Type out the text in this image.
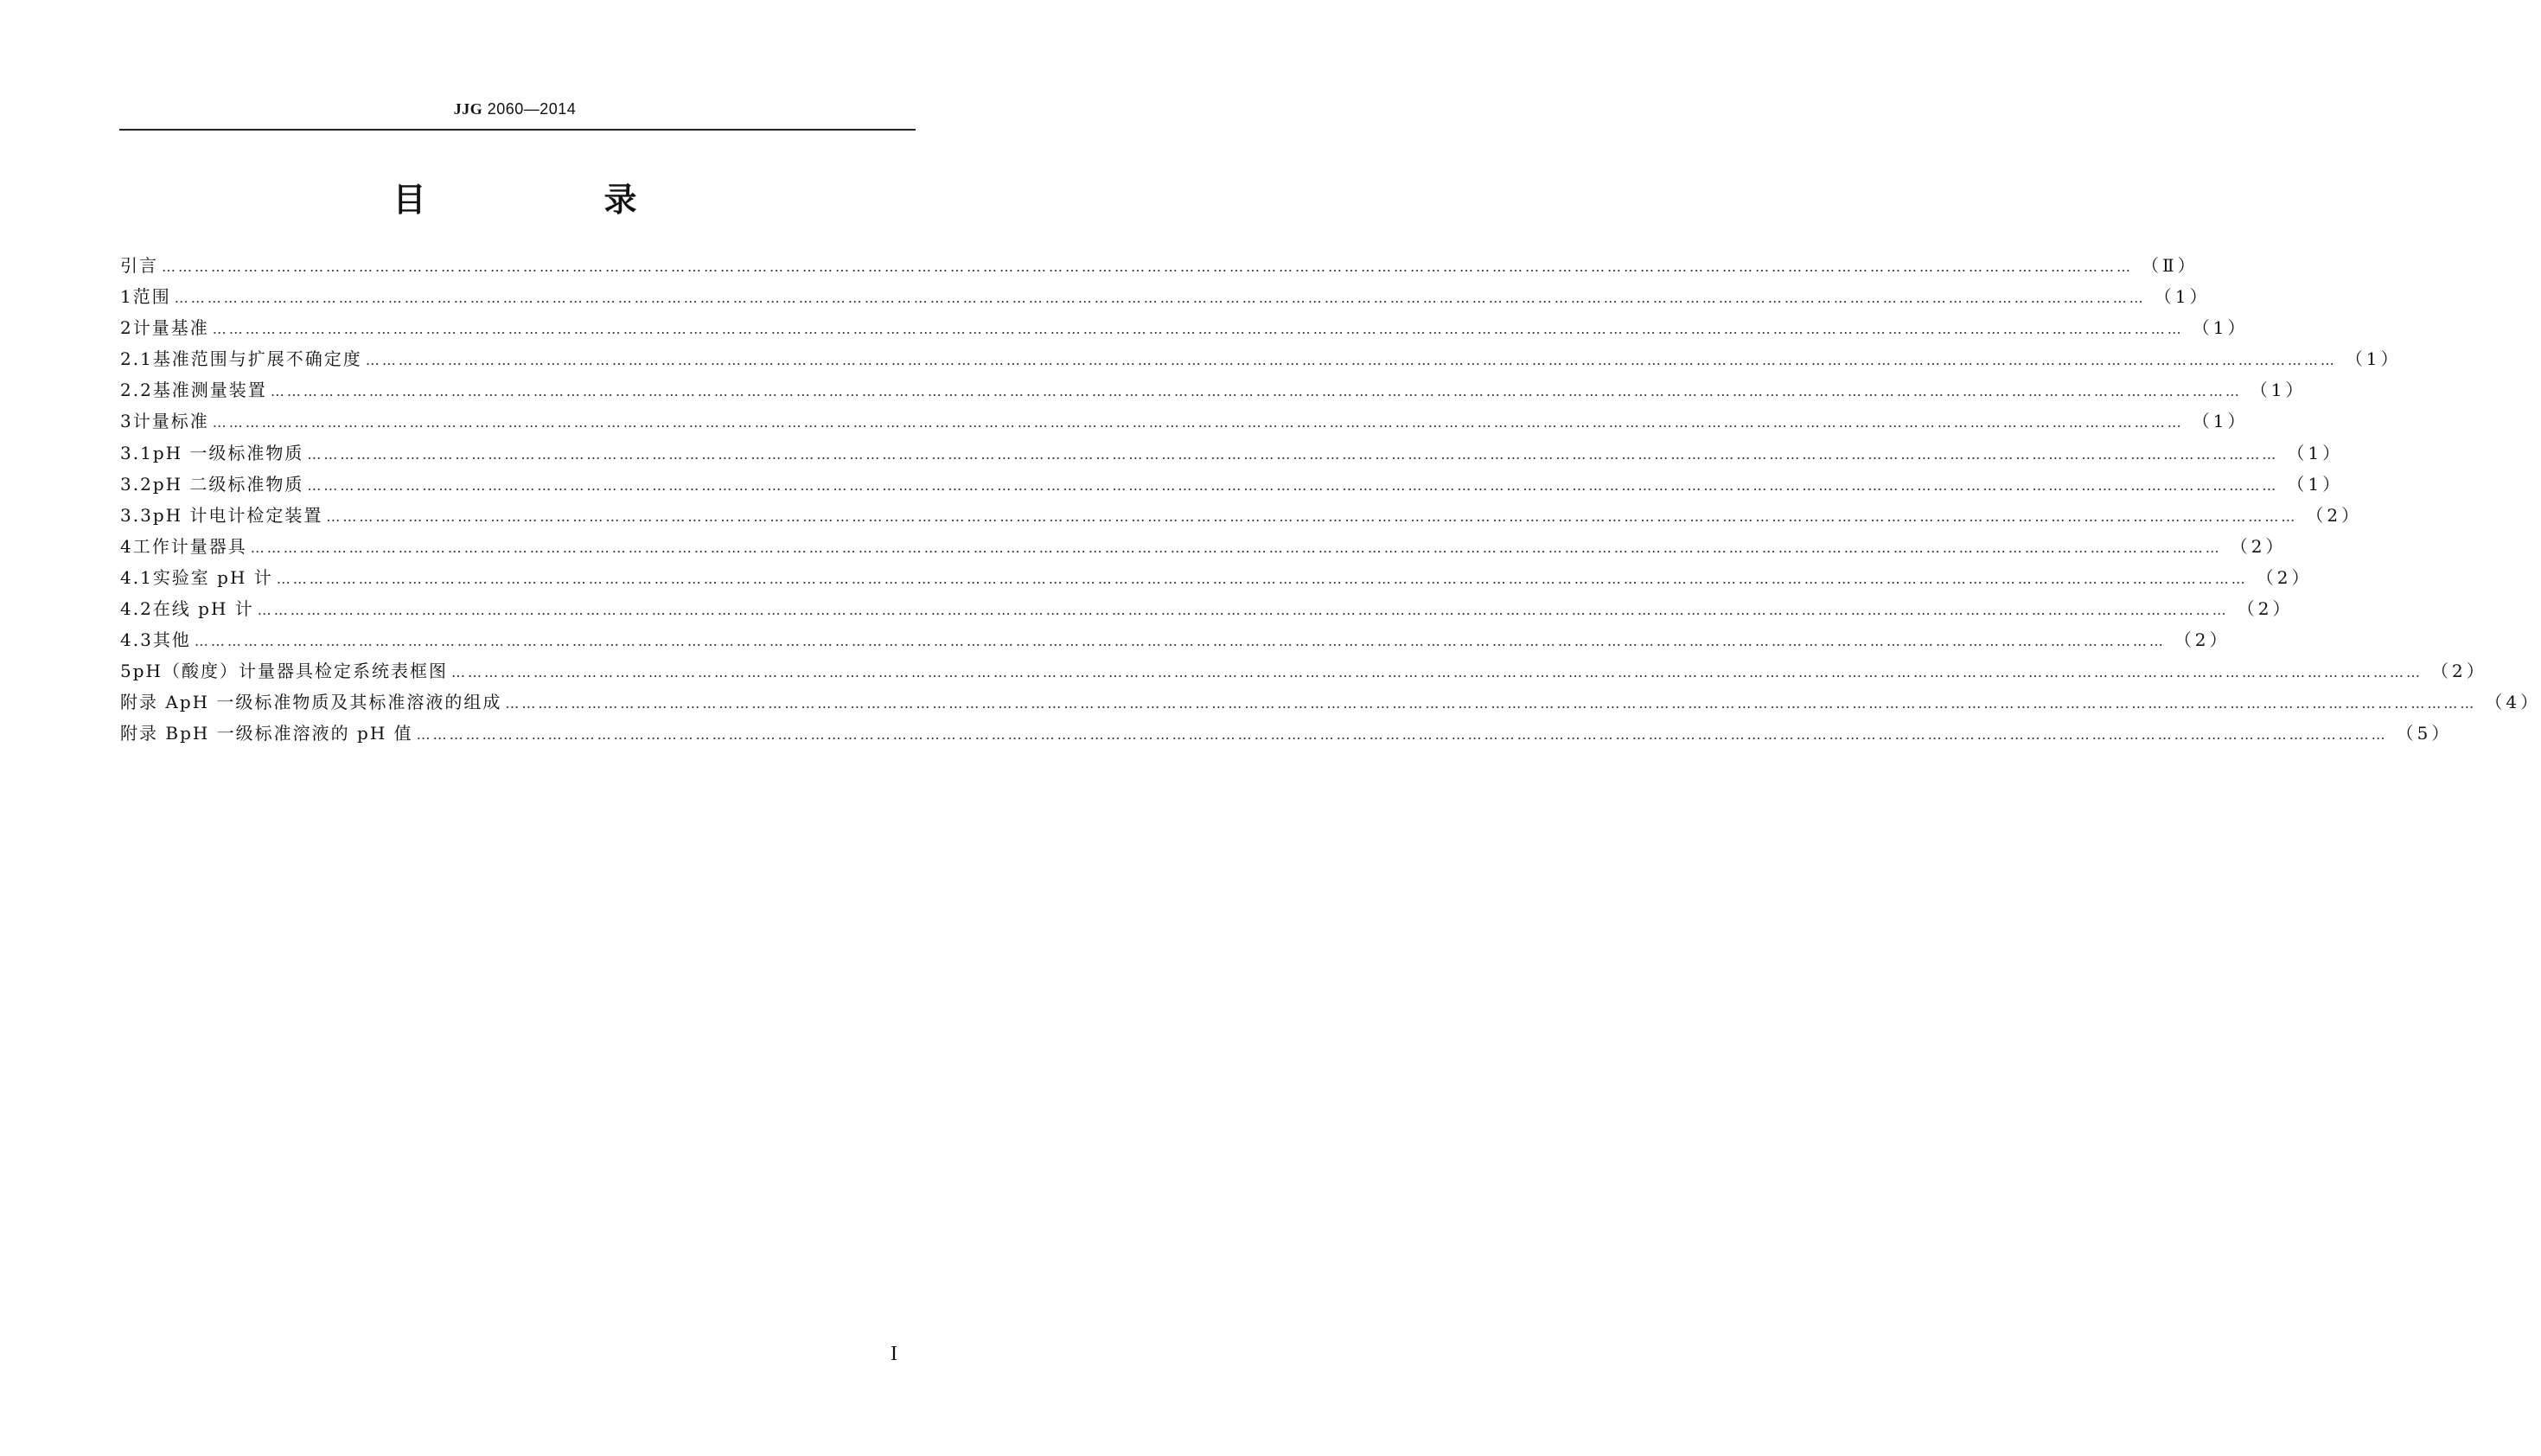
JJG 2060—2014
目　录
引言 ……………………………………………………………………………………………………………………………………………………………………………………………………………………………………………………………………………………………………………………………… （Ⅱ）
1 范围 ……………………………………………………………………………………………………………………………………………………………………………………………………………………………………………………………………………………………………………………………… （1）
2 计量基准 ……………………………………………………………………………………………………………………………………………………………………………………………………………………………………………………………………………………………………………………………… （1）
2.1 基准范围与扩展不确定度 ……………………………………………………………………………………………………………………………………………………………………………………………………………………………………………………………………………………………………………………………… （1）
2.2 基准测量装置 ……………………………………………………………………………………………………………………………………………………………………………………………………………………………………………………………………………………………………………………………… （1）
3 计量标准 ……………………………………………………………………………………………………………………………………………………………………………………………………………………………………………………………………………………………………………………………… （1）
3.1 pH 一级标准物质 ……………………………………………………………………………………………………………………………………………………………………………………………………………………………………………………………………………………………………………………………… （1）
3.2 pH 二级标准物质 ……………………………………………………………………………………………………………………………………………………………………………………………………………………………………………………………………………………………………………………………… （1）
3.3 pH 计电计检定装置 ……………………………………………………………………………………………………………………………………………………………………………………………………………………………………………………………………………………………………………………………… （2）
4 工作计量器具 ……………………………………………………………………………………………………………………………………………………………………………………………………………………………………………………………………………………………………………………………… （2）
4.1 实验室 pH 计 ……………………………………………………………………………………………………………………………………………………………………………………………………………………………………………………………………………………………………………………………… （2）
4.2 在线 pH 计 ……………………………………………………………………………………………………………………………………………………………………………………………………………………………………………………………………………………………………………………………… （2）
4.3 其他 ……………………………………………………………………………………………………………………………………………………………………………………………………………………………………………………………………………………………………………………………… （2）
5 pH（酸度）计量器具检定系统表框图 ……………………………………………………………………………………………………………………………………………………………………………………………………………………………………………………………………………………………………………………………… （2）
附录 A pH 一级标准物质及其标准溶液的组成 ……………………………………………………………………………………………………………………………………………………………………………………………………………………………………………………………………………………………………………………………… （4）
附录 B pH 一级标准溶液的 pH 值 ……………………………………………………………………………………………………………………………………………………………………………………………………………………………………………………………………………………………………………………………… （5）
I
